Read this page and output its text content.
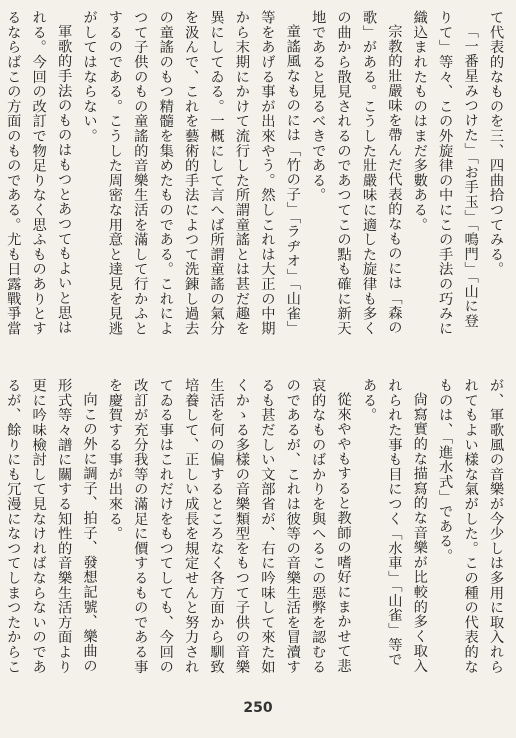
て代表的なものを三、四曲拾つてみる。

「一番星みつけた」「お手玉」「鳴門」「山に登りて」等々、この外旋律の中にこの手法の巧みに織込まれたものはまだ多數ある。

宗教的壯嚴味を帶んだ代表的なものには「森の歌」がある。こうした壯嚴味に適した旋律も多くの曲から散見されるのであつてこの點も確に新天地であると見るべきである。

童謠風なものには「竹の子」「ラヂオ」「山雀」等をあげる事が出來やう。然しこれは大正の中期から末期にかけて流行した所謂童謠とは甚だ趣を異にしてゐる。一概にして言へば所謂童謠の氣分を汲んで、これを藝術的手法によつて洗錬し過去の童謠のもつ精髓を集めたものである。これによつて子供のもの童謠的音樂生活を滿して行かふとするのである。こうした周密な用意と達見を見逃がしてはならない。

軍歌的手法のものはもつとあつてもよいと思はれる。今回の改訂で物足りなく思ふものありとするならばこの方面のものである。尤も日露戰爭當

が、軍歌風の音樂が今少しは多用に取入れられてもよい樣な氣がした。この種の代表的なものは、「進水式」である。

尙寫實的な描寫的な音樂が比較的多く取入れられた事も目につく「水車」「山雀」等である。

從來ややもすると教師の嗜好にまかせて悲哀的なものばかりを與へるこの惡弊を認むるのであるが、これは彼等の音樂生活を冒瀆するも甚だしい文部省が、右に吟味して來た如くかゝる多樣の音樂類型をもつて子供の音樂生活を何の偏するところなく各方面から馴致培養して、正しい成長を規定せんと努力されてゐる事はこれだけをもつてしても、今回の改訂が充分我等の滿足に價するものである事を慶賀する事が出來る。

向この外に調子、拍子、發想記號、樂曲の形式等々譜に關する知性的音樂生活方面より更に吟味檢討して見なければならないのであるが、餘りにも冗漫になつてしまつたからこ

250
